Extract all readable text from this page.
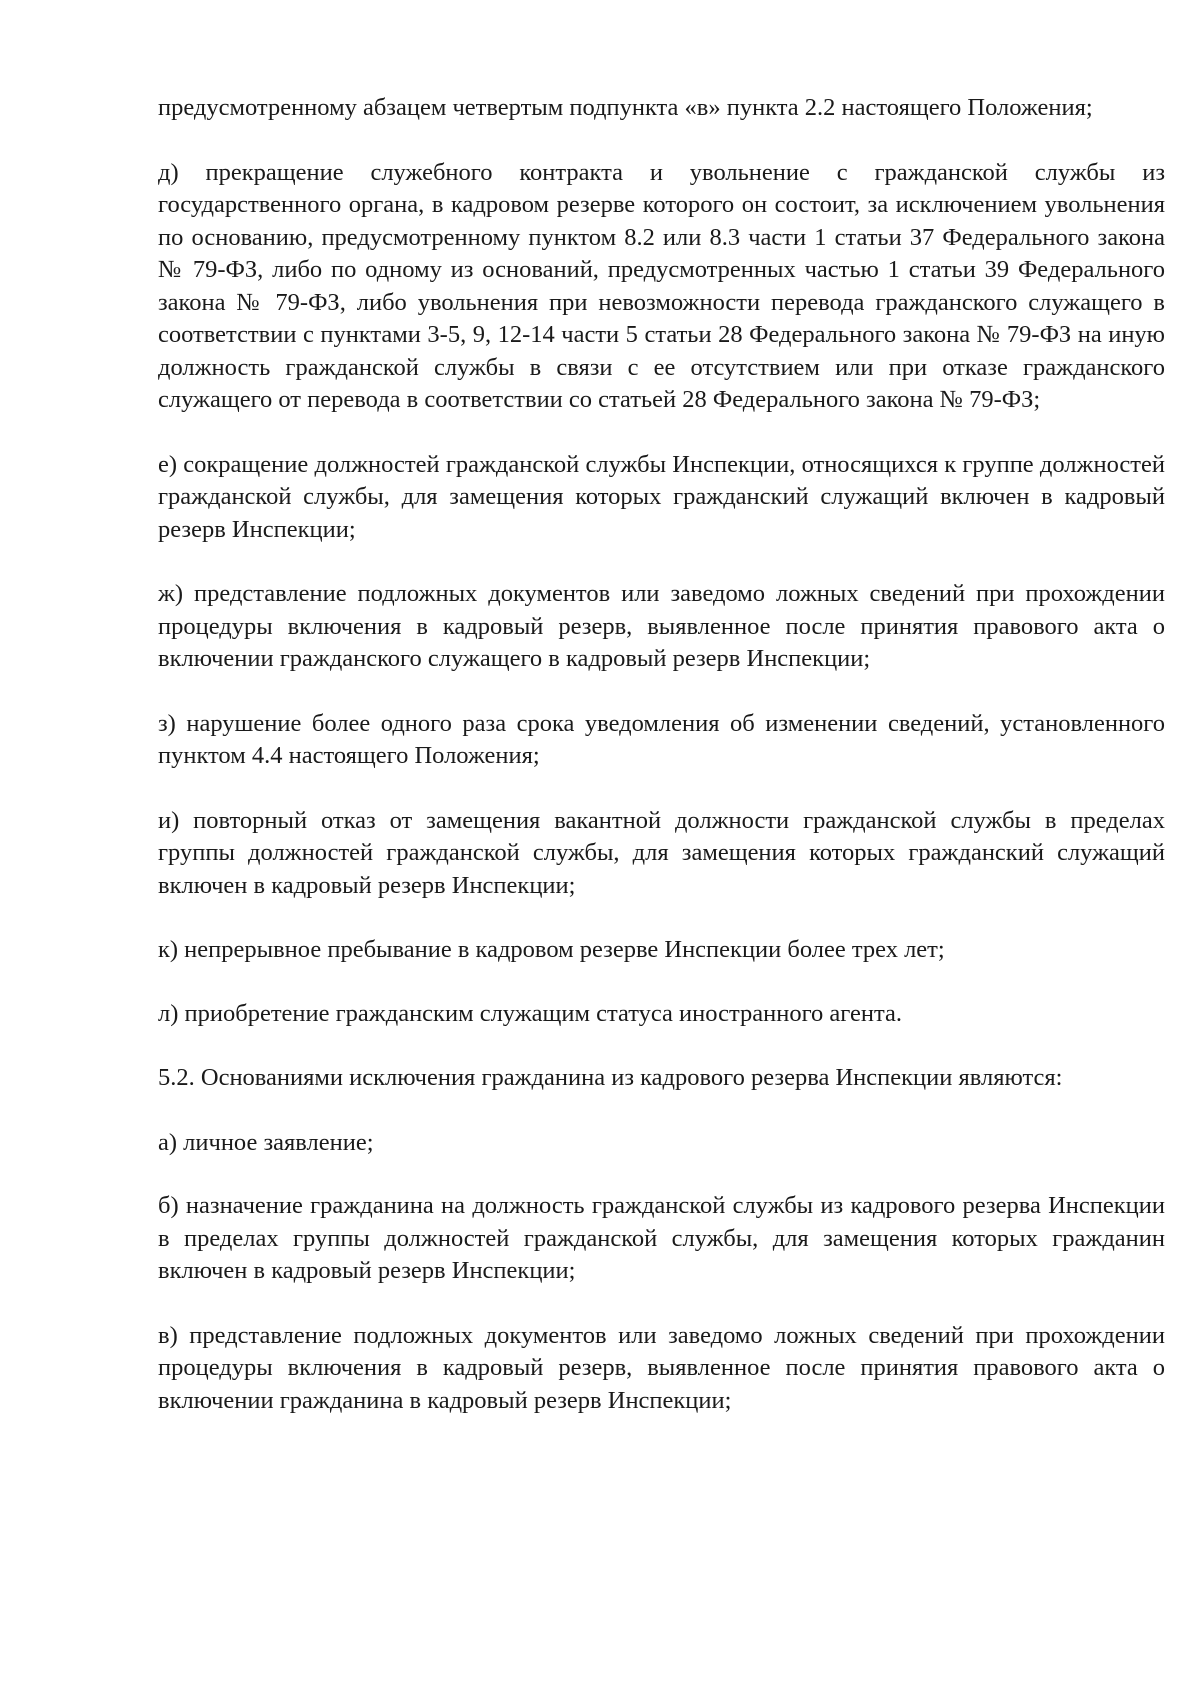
предусмотренному абзацем четвертым подпункта «в» пункта 2.2 настоящего Положения;

д) прекращение служебного контракта и увольнение с гражданской службы из государственного органа, в кадровом резерве которого он состоит, за исключением увольнения по основанию, предусмотренному пунктом 8.2 или 8.3 части 1 статьи 37 Федерального закона № 79-ФЗ, либо по одному из оснований, предусмотренных частью 1 статьи 39 Федерального закона № 79-ФЗ, либо увольнения при невозможности перевода гражданского служащего в соответствии с пунктами 3-5, 9, 12-14 части 5 статьи 28 Федерального закона № 79-ФЗ на иную должность гражданской службы в связи с ее отсутствием или при отказе гражданского служащего от перевода в соответствии со статьей 28 Федерального закона № 79-ФЗ;

е) сокращение должностей гражданской службы Инспекции, относящихся к группе должностей гражданской службы, для замещения которых гражданский служащий включен в кадровый резерв Инспекции;

ж) представление подложных документов или заведомо ложных сведений при прохождении процедуры включения в кадровый резерв, выявленное после принятия правового акта о включении гражданского служащего в кадровый резерв Инспекции;

з) нарушение более одного раза срока уведомления об изменении сведений, установленного пунктом 4.4 настоящего Положения;

и) повторный отказ от замещения вакантной должности гражданской службы в пределах группы должностей гражданской службы, для замещения которых гражданский служащий включен в кадровый резерв Инспекции;

к) непрерывное пребывание в кадровом резерве Инспекции более трех лет;

л) приобретение гражданским служащим статуса иностранного агента.

5.2. Основаниями исключения гражданина из кадрового резерва Инспекции являются:

а) личное заявление;

б) назначение гражданина на должность гражданской службы из кадрового резерва Инспекции в пределах группы должностей гражданской службы, для замещения которых гражданин включен в кадровый резерв Инспекции;

в) представление подложных документов или заведомо ложных сведений при прохождении процедуры включения в кадровый резерв, выявленное после принятия правового акта о включении гражданина в кадровый резерв Инспекции;
